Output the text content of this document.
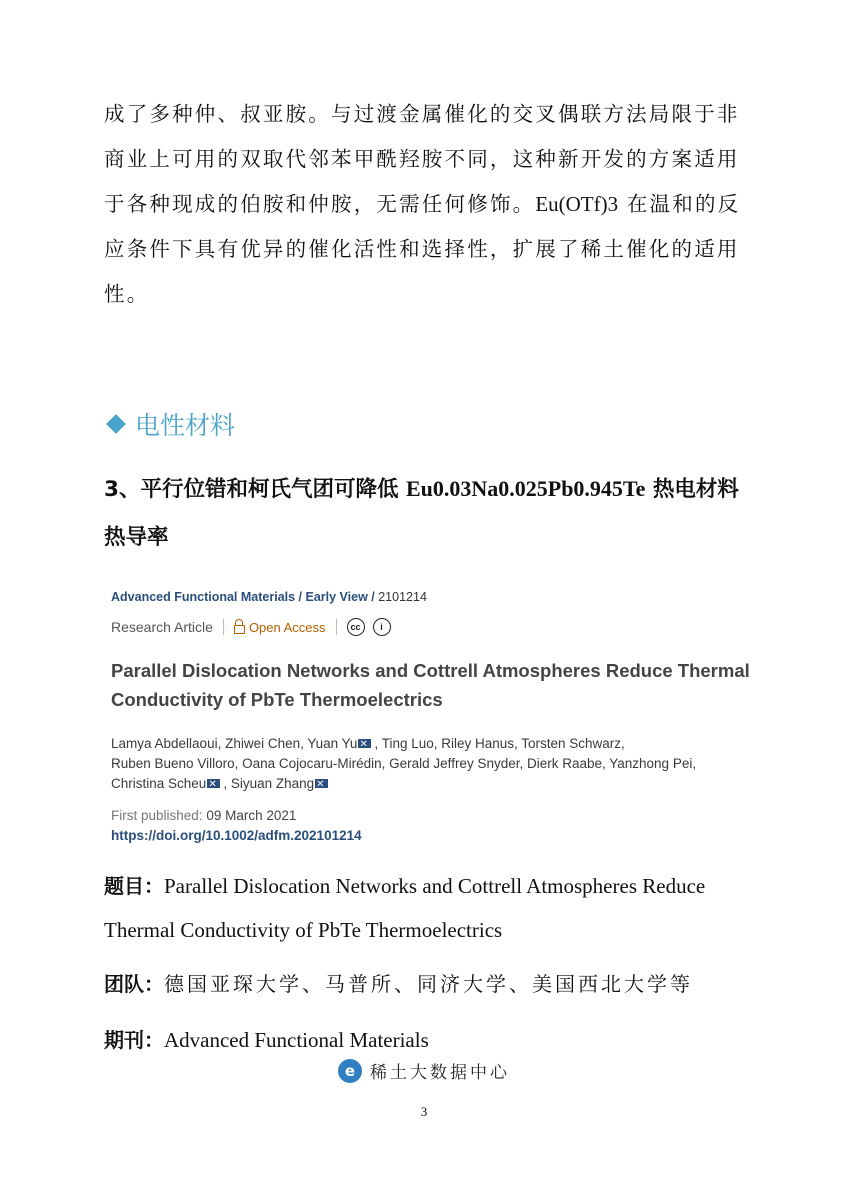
成了多种仲、叔亚胺。与过渡金属催化的交叉偶联方法局限于非

商业上可用的双取代邻苯甲酰羟胺不同，这种新开发的方案适用

于各种现成的伯胺和仲胺，无需任何修饰。Eu(OTf)3 在温和的反

应条件下具有优异的催化活性和选择性，扩展了稀土催化的适用

性。

电性材料
3、平行位错和柯氏气团可降低 Eu0.03Na0.025Pb0.945Te 热电材料热导率
Advanced Functional Materials / Early View / 2101214
Research Article	Open Access	cc	i

Parallel Dislocation Networks and Cottrell Atmospheres Reduce Thermal Conductivity of PbTe Thermoelectrics

Lamya Abdellaoui, Zhiwei Chen, Yuan Yu ✕ , Ting Luo, Riley Hanus, Torsten Schwarz,
Ruben Bueno Villoro, Oana Cojocaru-Mirédin, Gerald Jeffrey Snyder, Dierk Raabe, Yanzhong Pei,
Christina Scheu ✕ , Siyuan Zhang✕

First published: 09 March 2021
https://doi.org/10.1002/adfm.202101214

题目：Parallel Dislocation Networks and Cottrell Atmospheres Reduce
Thermal Conductivity of PbTe Thermoelectrics

团队：德国亚琛大学、马普所、同济大学、美国西北大学等

期刊：Advanced Functional Materials

e 稀土大数据中心
3
